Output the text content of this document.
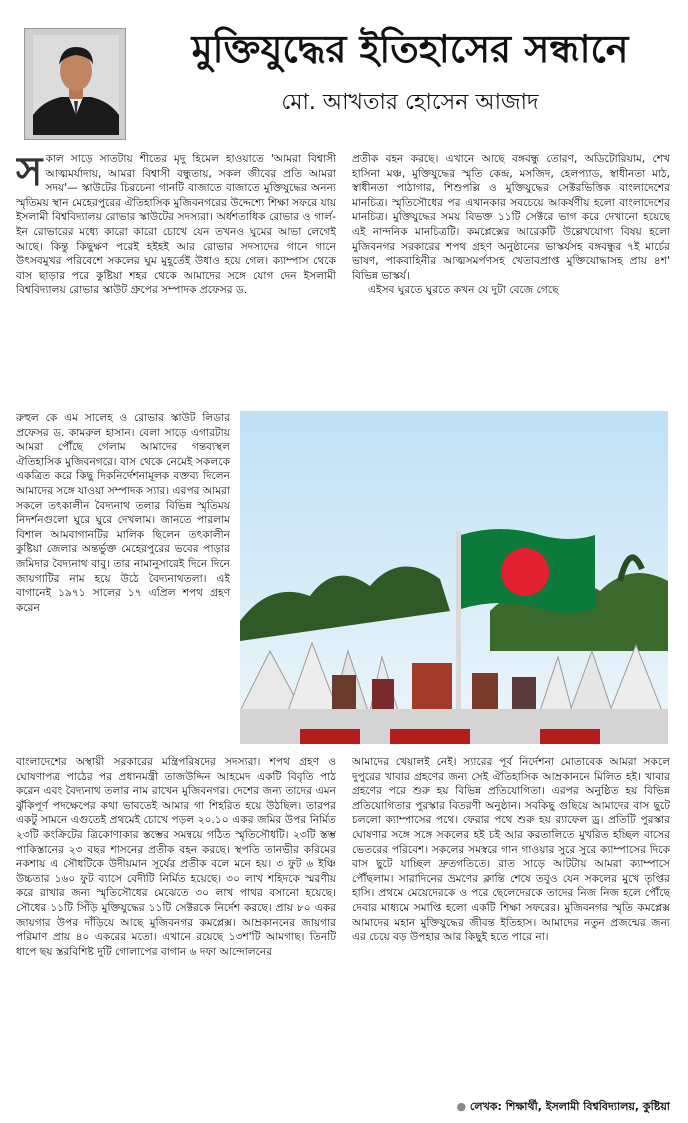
মুক্তিযুদ্ধের ইতিহাসের সন্ধানে
মো. আখতার হোসেন আজাদ

সকাল সাড়ে সাতটায় শীতের মৃদু হিমেল হাওয়াতে 'আমরা বিশ্বাসী আত্মমর্যাদায়, আমরা বিশ্বাসী বন্ধুতায়, সকল জীবের প্রতি আমরা সদয়'— স্কাউটের চিরচেনা গানটি বাজাতে বাজাতে মুক্তিযুদ্ধের অনন্য স্মৃতিময় স্থান মেহেরপুরের ঐতিহাসিক মুজিবনগরের উদ্দেশ্যে শিক্ষা সফরে যায় ইসলামী বিশ্ববিদ্যালয় রোভার স্কাউটের সদস্যরা। অর্ধশতাধিক রোভার ও গার্ল-ইন রোভারের মধ্যে কারো কারো চোখে যেন তখনও ঘুমের আভা লেগেই আছে। কিন্তু কিছুক্ষণ পরেই হইহই আর রোভার সদস্যদের গানে গানে উৎসবমুখর পরিবেশে সকলের ঘুম মুহূর্তেই উধাও হয়ে গেল। ক্যাম্পাস থেকে বাস ছাড়ার পরে কুষ্টিয়া শহর থেকে আমাদের সঙ্গে যোগ দেন ইসলামী বিশ্ববিদ্যালয় রোভার স্কাউট গ্রুপের সম্পাদক প্রফেসর ড.

প্রতীক বহন করছে। এখানে আছে বঙ্গবন্ধু তোরণ, অডিটোরিয়াম, শেখ হাসিনা মঞ্চ, মুক্তিযুদ্ধের স্মৃতি কেন্দ্র, মসজিদ, হেলপ্যাড, স্বাধীনতা মাঠ, স্বাধীনতা পাঠাগার, শিশুপল্লি ও মুক্তিযুদ্ধের সেক্টরভিত্তিক বাংলাদেশের মানচিত্র। স্মৃতিসৌধের পর এখানকার সবচেয়ে আকর্ষণীয় হলো বাংলাদেশের মানচিত্র। মুক্তিযুদ্ধের সময় বিভক্ত ১১টি সেক্টরে ভাগ করে দেখানো হয়েছে এই নান্দনিক মানচিত্রটি। কমপ্লেক্সের আরেকটি উল্লেখযোগ্য বিষয় হলো মুজিবনগর সরকারের শপথ গ্রহণ অনুষ্ঠানের ভাস্কর্যসহ বঙ্গবন্ধুর ৭ই মার্চের ভাষণ, পাকবাহিনীর আত্মসমর্পণসহ খেতাবপ্রাপ্ত মুক্তিযোদ্ধাসহ প্রায় ৪শ' বিভিন্ন ভাস্কর্য।

এইসব ঘুরতে ঘুরতে কখন যে দুটা বেজে গেছে

রুহুল কে এম সালেহ ও রোভার স্কাউট লিডার প্রফেসর ড. কামরুল হাসান। বেলা সাড়ে এগারটায় আমরা পৌঁছে গেলাম আমাদের গন্তব্যস্থল ঐতিহাসিক মুজিবনগরে। বাস থেকে নেমেই সকলকে একত্রিত করে কিছু দিকনির্দেশনামূলক বক্তব্য দিলেন আমাদের সঙ্গে যাওয়া সম্পাদক স্যার। এরপর আমরা সকলে তৎকালীন বৈদ্যনাথ তলার বিভিন্ন স্মৃতিময় নিদর্শনগুলো ঘুরে ঘুরে দেখলাম। জানতে পারলাম বিশাল আমবাগানটির মালিক ছিলেন তৎকালীন কুষ্টিয়া জেলার অন্তর্ভুক্ত মেহেরপুরের ভবের পাড়ার জমিদার বৈদ্যনাথ বাবু। তার নামানুসারেই দিনে দিনে জায়গাটির নাম হয়ে উঠে বৈদ্যনাথতলা। এই বাগানেই ১৯৭১ সালের ১৭ এপ্রিল শপথ গ্রহণ করেন

বাংলাদেশের অস্থায়ী সরকারের মন্ত্রিপরিষদের সদস্যরা। শপথ গ্রহণ ও ঘোষণাপত্র পাঠের পর প্রধানমন্ত্রী তাজউদ্দিন আহমেদ একটি বিবৃতি পাঠ করেন এবং বৈদ্যনাথ তলার নাম রাখেন মুজিবনগর। দেশের জন্য তাদের এমন ঝুঁকিপূর্ণ পদক্ষেপের কথা ভাবতেই আমার গা শিহরিত হয়ে উঠছিল। তারপর একটু সামনে এগুতেই প্রথমেই চোখে পড়ল ২০.১০ একর জমির উপর নির্মিত ২৩টি কংক্রিটের ত্রিকোণাকার স্তম্ভের সমন্বয়ে গঠিত স্মৃতিসৌধটি। ২৩টি স্তম্ভ পাকিস্তানের ২৩ বছর শাসনের প্রতীক বহন করছে। স্থপতি তানভীর করিমের নকশায় এ সৌধটিকে উদীয়মান সূর্যের প্রতীক বলে মনে হয়। ৩ ফুট ৬ ইঞ্চি উচ্চতার ১৬০ ফুট ব্যাসে বেদীটি নির্মিত হয়েছে। ৩০ লাখ শহিদকে স্মরণীয় করে রাখার জন্য স্মৃতিসৌধের মেঝেতে ৩০ লাখ পাথর বসানো হয়েছে। সৌধের ১১টি সিঁড়ি মুক্তিযুদ্ধের ১১টি সেক্টরকে নির্দেশ করছে। প্রায় ৮০ একর জায়গার উপর দাঁড়িয়ে আছে মুজিবনগর কমপ্লেক্স। আম্রকাননের জায়গার পরিমাণ প্রায় ৪০ একরের মতো। এখানে রয়েছে ১৩শ'টি আমগাছ। তিনটি ধাপে ছয় স্তরবিশিষ্ট দুটি গোলাপের বাগান ৬ দফা আন্দোলনের

আমাদের খেয়ালই নেই। স্যারের পূর্ব নির্দেশনা মোতাবেক আমরা সকলে দুপুরের খাবার গ্রহণের জন্য সেই ঐতিহাসিক আম্রকাননে মিলিত হই। খাবার গ্রহণের পরে শুরু হয় বিভিন্ন প্রতিযোগিতা। এরপর অনুষ্ঠিত হয় বিভিন্ন প্রতিযোগিতার পুরস্কার বিতরণী অনুষ্ঠান। সবকিছু গুছিয়ে আমাদের বাস ছুটে চললো ক্যাম্পাসের পথে। ফেরার পথে শুরু হয় র‌্যাফেল ড্র। প্রতিটি পুরস্কার ঘোষণার সঙ্গে সঙ্গে সকলের হই চই আর করতালিতে মুখরিত হচ্ছিল বাসের ভেতরের পরিবেশ। সকলের সমস্বরে গান গাওয়ার সুরে সুরে ক্যাম্পাসের দিকে বাস ছুটে যাচ্ছিল দ্রুতগতিতে। রাত সাড়ে আটটায় আমরা ক্যাম্পাসে পৌঁছলাম। সারাদিনের ভ্রমণের ক্লান্তি শেষে তবুও যেন সকলের মুখে তৃপ্তির হাসি। প্রথমে মেয়েদেরকে ও পরে ছেলেদেরকে তাদের নিজ নিজ হলে পৌঁছে দেবার মাধ্যমে সমাপ্তি হলো একটি শিক্ষা সফরের। মুজিবনগর স্মৃতি কমপ্লেক্স আমাদের মহান মুক্তিযুদ্ধের জীবন্ত ইতিহাস। আমাদের নতুন প্রজন্মের জন্য এর চেয়ে বড় উপহার আর কিছুই হতে পারে না।

● লেখক: শিক্ষার্থী, ইসলামী বিশ্ববিদ্যালয়, কুষ্টিয়া
